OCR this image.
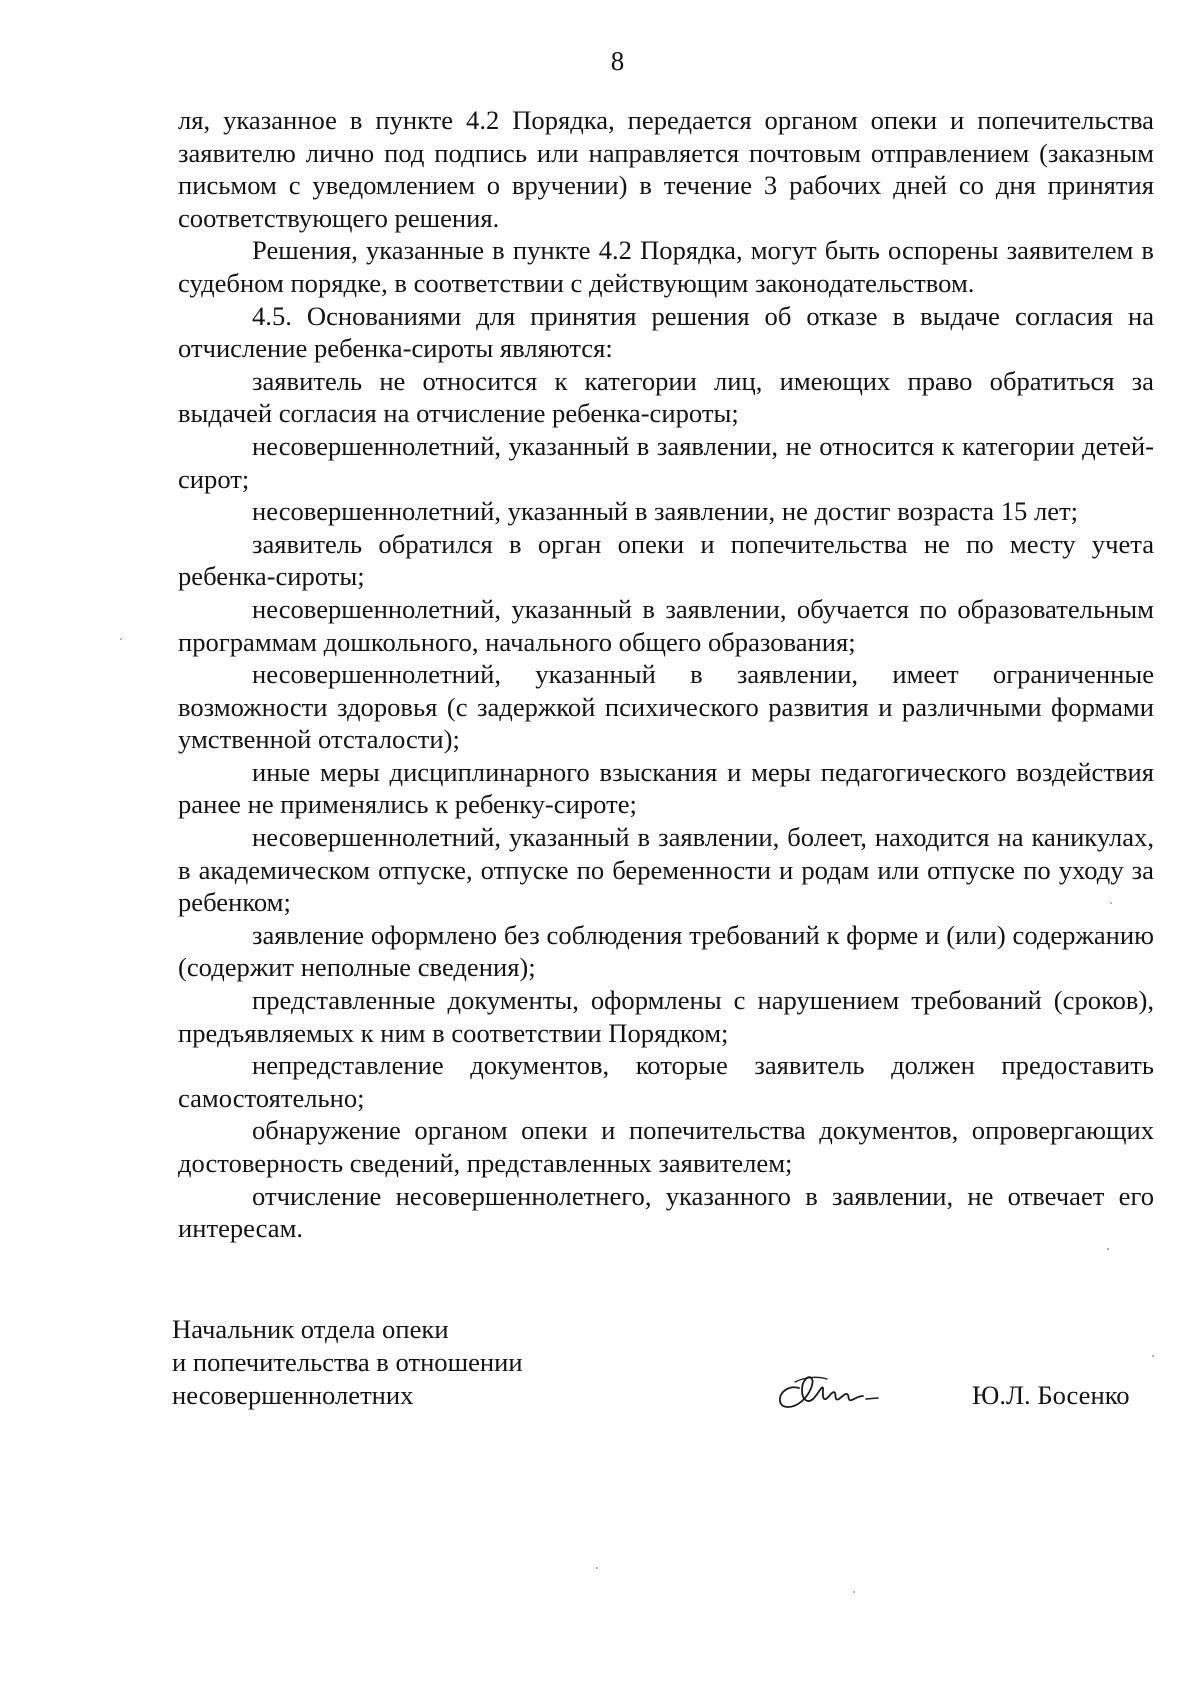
8

ля, указанное в пункте 4.2 Порядка, передается органом опеки и попечительства заявителю лично под подпись или направляется почтовым отправлением (заказным письмом с уведомлением о вручении) в течение 3 рабочих дней со дня принятия соответствующего решения.

Решения, указанные в пункте 4.2 Порядка, могут быть оспорены заявителем в судебном порядке, в соответствии с действующим законодательством.

4.5. Основаниями для принятия решения об отказе в выдаче согласия на отчисление ребенка-сироты являются:

заявитель не относится к категории лиц, имеющих право обратиться за выдачей согласия на отчисление ребенка-сироты;

несовершеннолетний, указанный в заявлении, не относится к категории детей-сирот;

несовершеннолетний, указанный в заявлении, не достиг возраста 15 лет;

заявитель обратился в орган опеки и попечительства не по месту учета ребенка-сироты;

несовершеннолетний, указанный в заявлении, обучается по образовательным программам дошкольного, начального общего образования;

несовершеннолетний, указанный в заявлении, имеет ограниченные возможности здоровья (с задержкой психического развития и различными формами умственной отсталости);

иные меры дисциплинарного взыскания и меры педагогического воздействия ранее не применялись к ребенку-сироте;

несовершеннолетний, указанный в заявлении, болеет, находится на каникулах, в академическом отпуске, отпуске по беременности и родам или отпуске по уходу за ребенком;

заявление оформлено без соблюдения требований к форме и (или) содержанию (содержит неполные сведения);

представленные документы, оформлены с нарушением требований (сроков), предъявляемых к ним в соответствии Порядком;

непредставление документов, которые заявитель должен предоставить самостоятельно;

обнаружение органом опеки и попечительства документов, опровергающих достоверность сведений, представленных заявителем;

отчисление несовершеннолетнего, указанного в заявлении, не отвечает его интересам.

Начальник отдела опеки
и попечительства в отношении
несовершеннолетних	Ю.Л. Босенко
